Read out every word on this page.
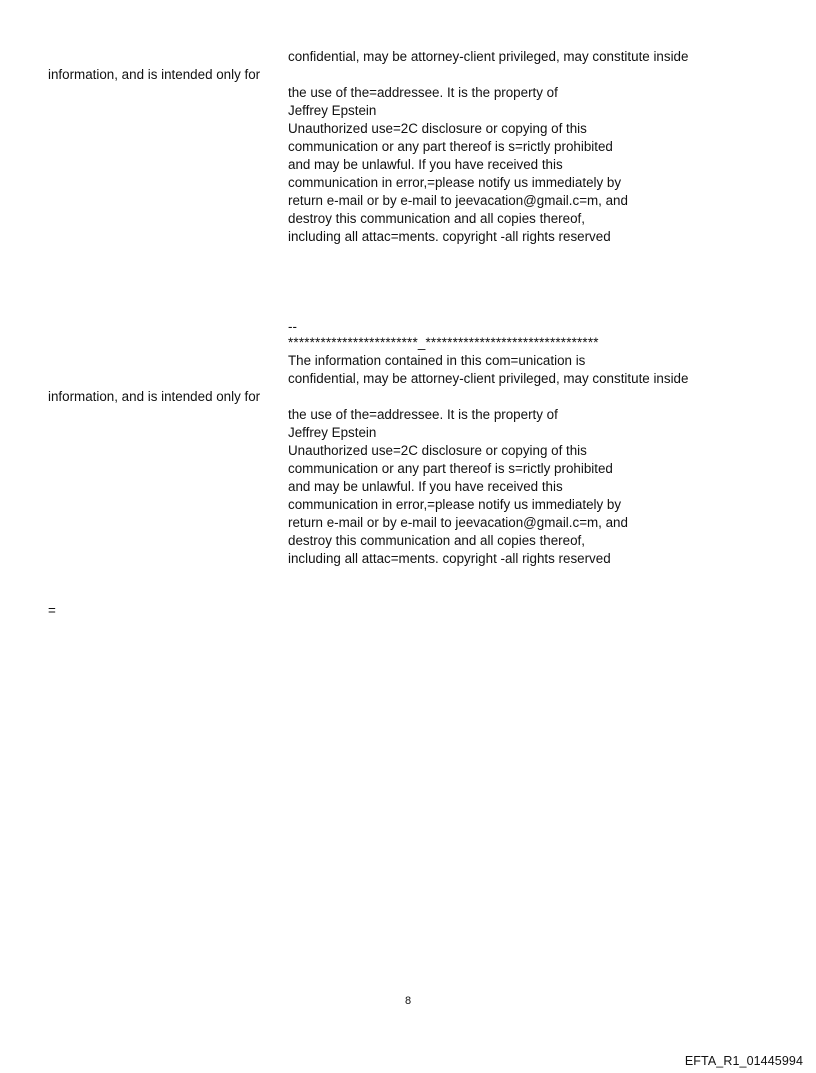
confidential, may be attorney-client privileged, may constitute inside

information, and is intended only for

the use of the=addressee. It is the property of

Jeffrey Epstein

Unauthorized use=2C disclosure or copying of this

communication or any part thereof is s=rictly prohibited

and may be unlawful. If you have received this

communication in error,=please notify us immediately by

return e-mail or by e-mail to jeevacation@gmail.c=m, and

destroy this communication and all copies thereof,

including all attac=ments. copyright -all rights reserved

--

************************_********************************

The information contained in this com=unication is

confidential, may be attorney-client privileged, may constitute inside

information, and is intended only for

the use of the=addressee. It is the property of

Jeffrey Epstein

Unauthorized use=2C disclosure or copying of this

communication or any part thereof is s=rictly prohibited

and may be unlawful. If you have received this

communication in error,=please notify us immediately by

return e-mail or by e-mail to jeevacation@gmail.c=m, and

destroy this communication and all copies thereof,

including all attac=ments. copyright -all rights reserved

=

8
EFTA_R1_01445994
